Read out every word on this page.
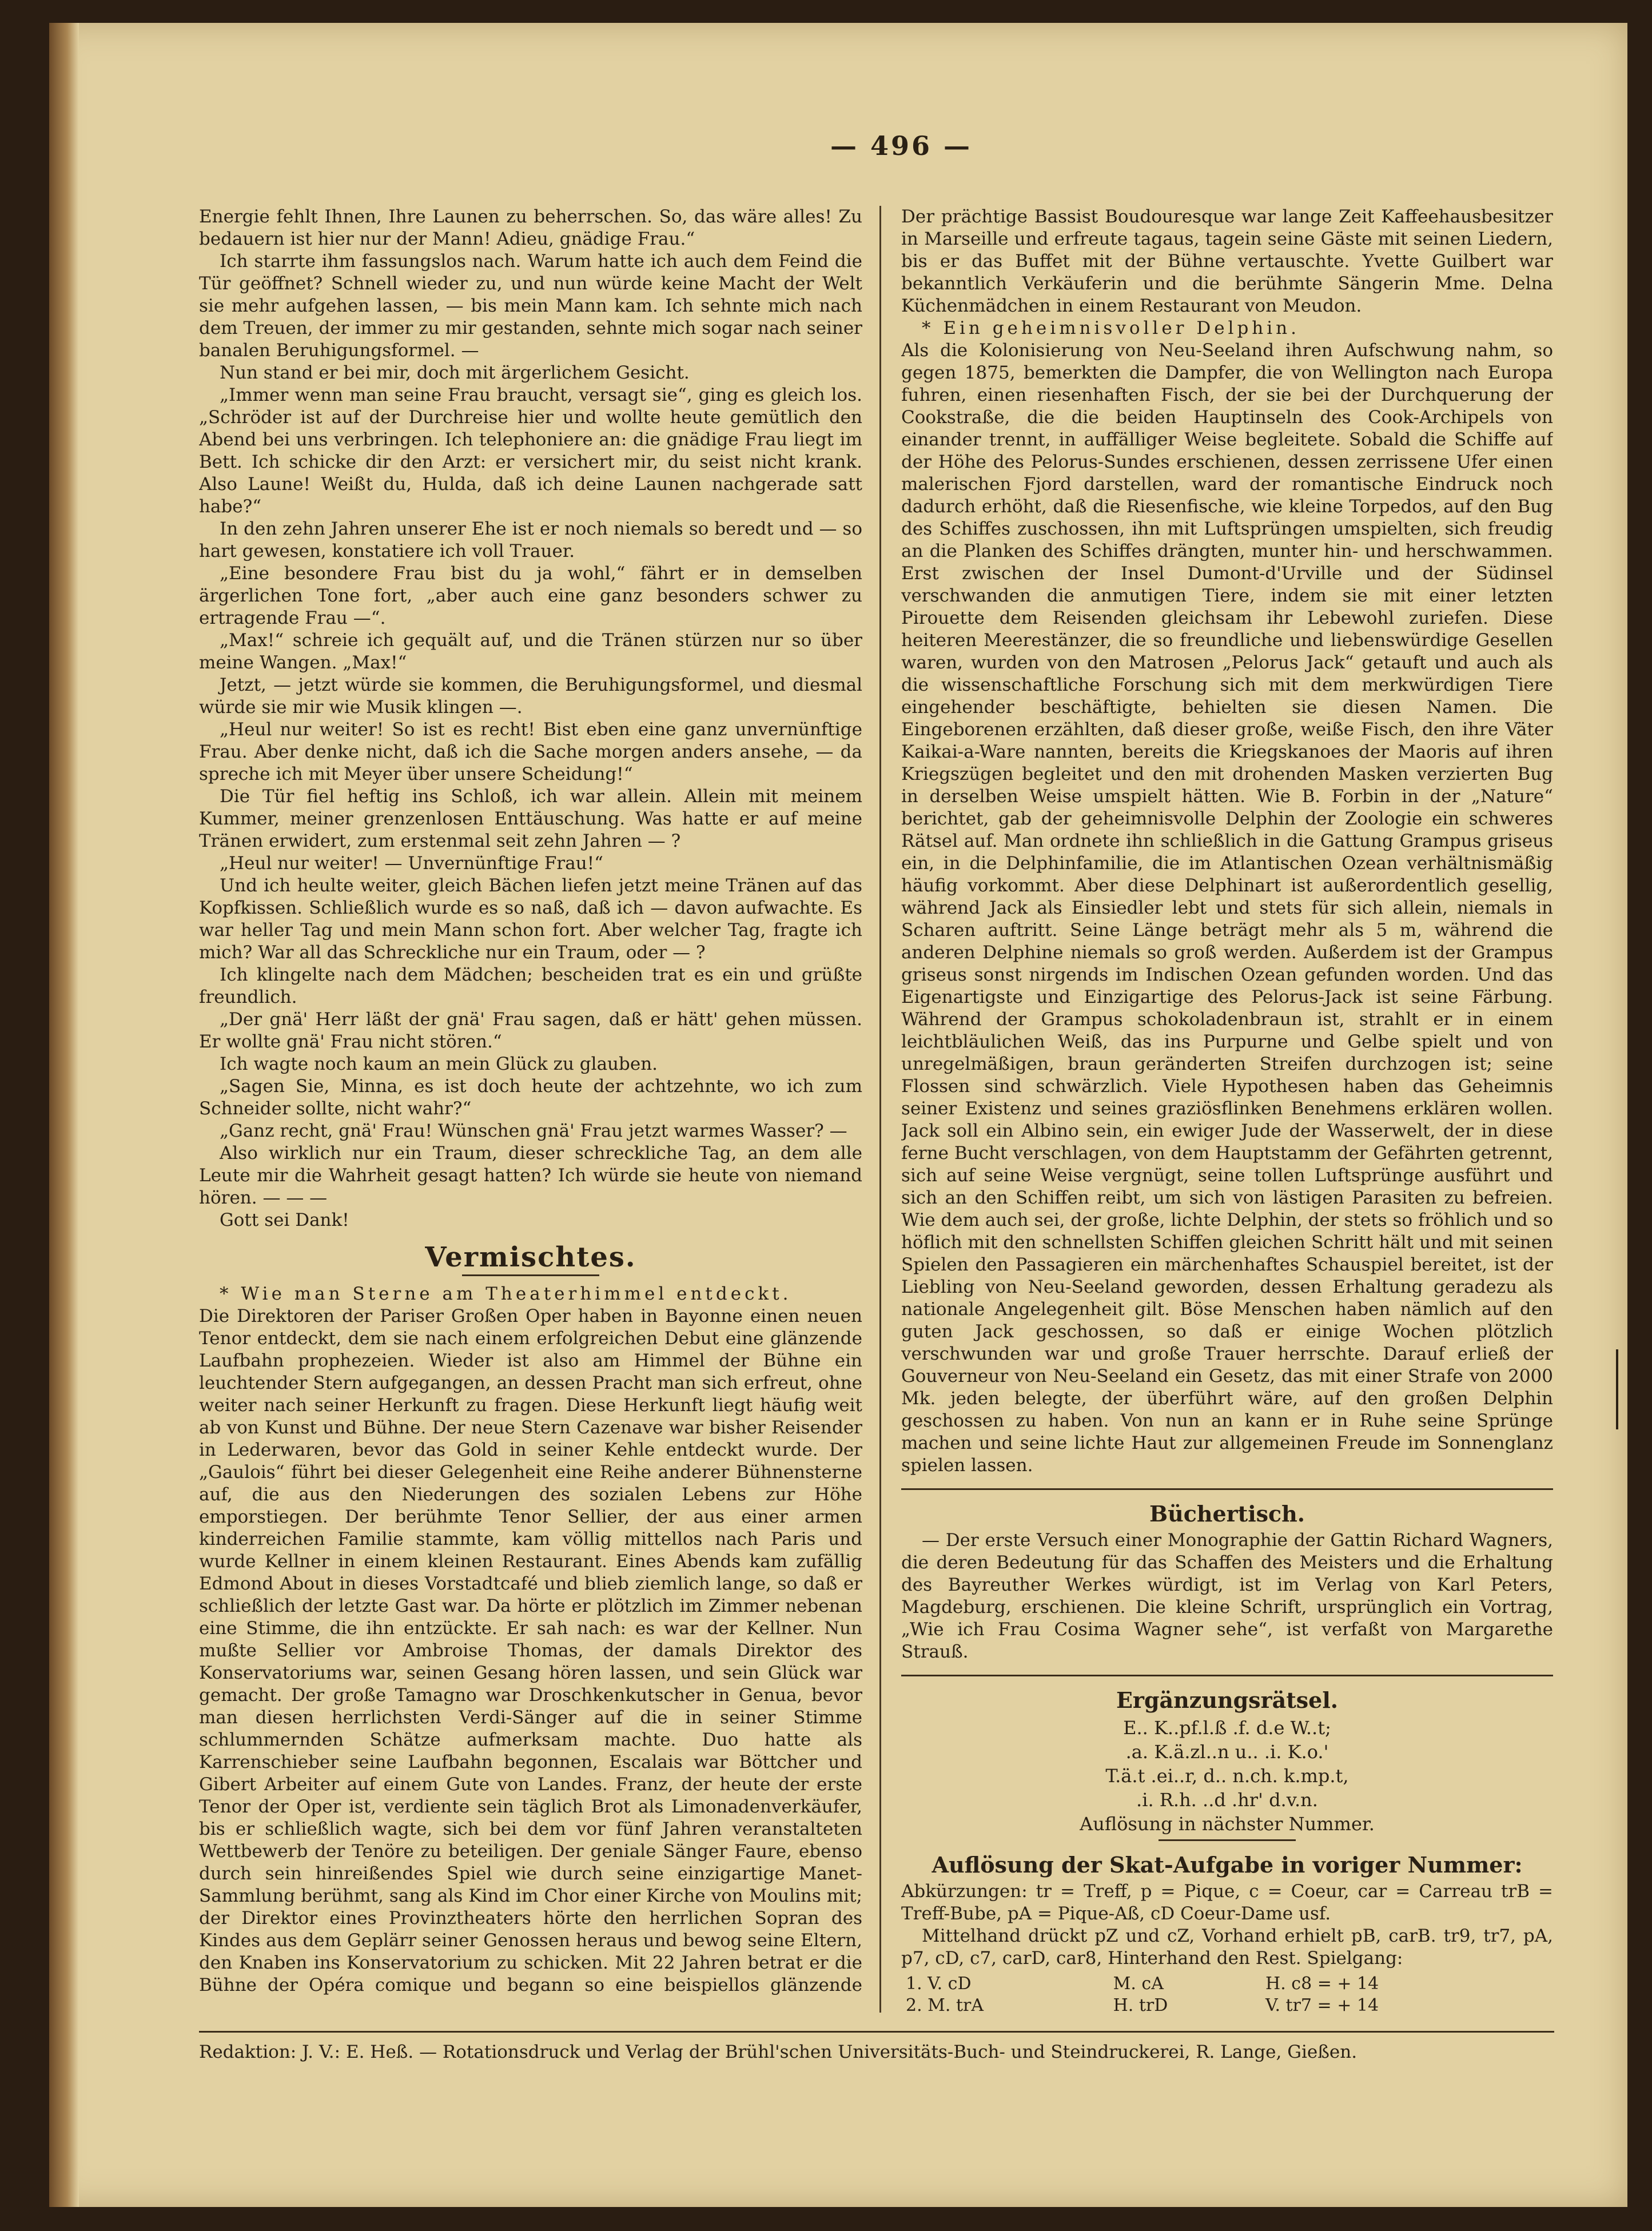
— 496 —

Energie fehlt Ihnen, Ihre Launen zu beherrschen. So, das wäre alles! Zu bedauern ist hier nur der Mann! Adieu, gnädige Frau.“

Ich starrte ihm fassungslos nach. Warum hatte ich auch dem Feind die Tür geöffnet? Schnell wieder zu, und nun würde keine Macht der Welt sie mehr aufgehen lassen, — bis mein Mann kam. Ich sehnte mich nach dem Treuen, der immer zu mir gestanden, sehnte mich sogar nach seiner banalen Beruhigungsformel. —

Nun stand er bei mir, doch mit ärgerlichem Gesicht.

„Immer wenn man seine Frau braucht, versagt sie“, ging es gleich los. „Schröder ist auf der Durchreise hier und wollte heute gemütlich den Abend bei uns verbringen. Ich telephoniere an: die gnädige Frau liegt im Bett. Ich schicke dir den Arzt: er versichert mir, du seist nicht krank. Also Laune! Weißt du, Hulda, daß ich deine Launen nachgerade satt habe?“

In den zehn Jahren unserer Ehe ist er noch niemals so beredt und — so hart gewesen, konstatiere ich voll Trauer.

„Eine besondere Frau bist du ja wohl,“ fährt er in demselben ärgerlichen Tone fort, „aber auch eine ganz besonders schwer zu ertragende Frau —“.

„Max!“ schreie ich gequält auf, und die Tränen stürzen nur so über meine Wangen. „Max!“

Jetzt, — jetzt würde sie kommen, die Beruhigungsformel, und diesmal würde sie mir wie Musik klingen —.

„Heul nur weiter! So ist es recht! Bist eben eine ganz unvernünftige Frau. Aber denke nicht, daß ich die Sache morgen anders ansehe, — da spreche ich mit Meyer über unsere Scheidung!“

Die Tür fiel heftig ins Schloß, ich war allein. Allein mit meinem Kummer, meiner grenzenlosen Enttäuschung. Was hatte er auf meine Tränen erwidert, zum erstenmal seit zehn Jahren — ?

„Heul nur weiter! — Unvernünftige Frau!“

Und ich heulte weiter, gleich Bächen liefen jetzt meine Tränen auf das Kopfkissen. Schließlich wurde es so naß, daß ich — davon aufwachte. Es war heller Tag und mein Mann schon fort. Aber welcher Tag, fragte ich mich? War all das Schreckliche nur ein Traum, oder — ?

Ich klingelte nach dem Mädchen; bescheiden trat es ein und grüßte freundlich.

„Der gnä' Herr läßt der gnä' Frau sagen, daß er hätt' gehen müssen. Er wollte gnä' Frau nicht stören.“

Ich wagte noch kaum an mein Glück zu glauben.

„Sagen Sie, Minna, es ist doch heute der achtzehnte, wo ich zum Schneider sollte, nicht wahr?“

„Ganz recht, gnä' Frau! Wünschen gnä' Frau jetzt warmes Wasser? —

Also wirklich nur ein Traum, dieser schreckliche Tag, an dem alle Leute mir die Wahrheit gesagt hatten? Ich würde sie heute von niemand hören. — — —

Gott sei Dank!

Vermischtes.

* Wie man Sterne am Theaterhimmel entdeckt.

Die Direktoren der Pariser Großen Oper haben in Bayonne einen neuen Tenor entdeckt, dem sie nach einem erfolgreichen Debut eine glänzende Laufbahn prophezeien. Wieder ist also am Himmel der Bühne ein leuchtender Stern aufgegangen, an dessen Pracht man sich erfreut, ohne weiter nach seiner Herkunft zu fragen. Diese Herkunft liegt häufig weit ab von Kunst und Bühne. Der neue Stern Cazenave war bisher Reisender in Lederwaren, bevor das Gold in seiner Kehle entdeckt wurde. Der „Gaulois“ führt bei dieser Gelegenheit eine Reihe anderer Bühnensterne auf, die aus den Niederungen des sozialen Lebens zur Höhe emporstiegen. Der berühmte Tenor Sellier, der aus einer armen kinderreichen Familie stammte, kam völlig mittellos nach Paris und wurde Kellner in einem kleinen Restaurant. Eines Abends kam zufällig Edmond About in dieses Vorstadtcafé und blieb ziemlich lange, so daß er schließlich der letzte Gast war. Da hörte er plötzlich im Zimmer nebenan eine Stimme, die ihn entzückte. Er sah nach: es war der Kellner. Nun mußte Sellier vor Ambroise Thomas, der damals Direktor des Konservatoriums war, seinen Gesang hören lassen, und sein Glück war gemacht. Der große Tamagno war Droschkenkutscher in Genua, bevor man diesen herrlichsten Verdi-Sänger auf die in seiner Stimme schlummernden Schätze aufmerksam machte. Duo hatte als Karrenschieber seine Laufbahn begonnen, Escalais war Böttcher und Gibert Arbeiter auf einem Gute von Landes. Franz, der heute der erste Tenor der Oper ist, verdiente sein täglich Brot als Limonadenverkäufer, bis er schließlich wagte, sich bei dem vor fünf Jahren veranstalteten Wettbewerb der Tenöre zu beteiligen. Der geniale Sänger Faure, ebenso durch sein hinreißendes Spiel wie durch seine einzigartige Manet-Sammlung berühmt, sang als Kind im Chor einer Kirche von Moulins mit; der Direktor eines Provinztheaters hörte den herrlichen Sopran des Kindes aus dem Geplärr seiner Genossen heraus und bewog seine Eltern, den Knaben ins Konservatorium zu schicken. Mit 22 Jahren betrat er die Bühne der Opéra comique und begann so eine beispiellos glänzende

Der prächtige Bassist Boudouresque war lange Zeit Kaffeehausbesitzer in Marseille und erfreute tagaus, tagein seine Gäste mit seinen Liedern, bis er das Buffet mit der Bühne vertauschte. Yvette Guilbert war bekanntlich Verkäuferin und die berühmte Sängerin Mme. Delna Küchenmädchen in einem Restaurant von Meudon.

* Ein geheimnisvoller Delphin.

Als die Kolonisierung von Neu-Seeland ihren Aufschwung nahm, so gegen 1875, bemerkten die Dampfer, die von Wellington nach Europa fuhren, einen riesenhaften Fisch, der sie bei der Durchquerung der Cookstraße, die die beiden Hauptinseln des Cook-Archipels von einander trennt, in auffälliger Weise begleitete. Sobald die Schiffe auf der Höhe des Pelorus-Sundes erschienen, dessen zerrissene Ufer einen malerischen Fjord darstellen, ward der romantische Eindruck noch dadurch erhöht, daß die Riesenfische, wie kleine Torpedos, auf den Bug des Schiffes zuschossen, ihn mit Luftsprüngen umspielten, sich freudig an die Planken des Schiffes drängten, munter hin- und herschwammen. Erst zwischen der Insel Dumont-d'Urville und der Südinsel verschwanden die anmutigen Tiere, indem sie mit einer letzten Pirouette dem Reisenden gleichsam ihr Lebewohl zuriefen. Diese heiteren Meerestänzer, die so freundliche und liebenswürdige Gesellen waren, wurden von den Matrosen „Pelorus Jack“ getauft und auch als die wissenschaftliche Forschung sich mit dem merkwürdigen Tiere eingehender beschäftigte, behielten sie diesen Namen. Die Eingeborenen erzählten, daß dieser große, weiße Fisch, den ihre Väter Kaikai-a-Ware nannten, bereits die Kriegskanoes der Maoris auf ihren Kriegszügen begleitet und den mit drohenden Masken verzierten Bug in derselben Weise umspielt hätten. Wie B. Forbin in der „Nature“ berichtet, gab der geheimnisvolle Delphin der Zoologie ein schweres Rätsel auf. Man ordnete ihn schließlich in die Gattung Grampus griseus ein, in die Delphinfamilie, die im Atlantischen Ozean verhältnismäßig häufig vorkommt. Aber diese Delphinart ist außerordentlich gesellig, während Jack als Einsiedler lebt und stets für sich allein, niemals in Scharen auftritt. Seine Länge beträgt mehr als 5 m, während die anderen Delphine niemals so groß werden. Außerdem ist der Grampus griseus sonst nirgends im Indischen Ozean gefunden worden. Und das Eigenartigste und Einzigartige des Pelorus-Jack ist seine Färbung. Während der Grampus schokoladenbraun ist, strahlt er in einem leichtbläulichen Weiß, das ins Purpurne und Gelbe spielt und von unregelmäßigen, braun geränderten Streifen durchzogen ist; seine Flossen sind schwärzlich. Viele Hypothesen haben das Geheimnis seiner Existenz und seines graziösflinken Benehmens erklären wollen. Jack soll ein Albino sein, ein ewiger Jude der Wasserwelt, der in diese ferne Bucht verschlagen, von dem Hauptstamm der Gefährten getrennt, sich auf seine Weise vergnügt, seine tollen Luftsprünge ausführt und sich an den Schiffen reibt, um sich von lästigen Parasiten zu befreien. Wie dem auch sei, der große, lichte Delphin, der stets so fröhlich und so höflich mit den schnellsten Schiffen gleichen Schritt hält und mit seinen Spielen den Passagieren ein märchenhaftes Schauspiel bereitet, ist der Liebling von Neu-Seeland geworden, dessen Erhaltung geradezu als nationale Angelegenheit gilt. Böse Menschen haben nämlich auf den guten Jack geschossen, so daß er einige Wochen plötzlich verschwunden war und große Trauer herrschte. Darauf erließ der Gouverneur von Neu-Seeland ein Gesetz, das mit einer Strafe von 2000 Mk. jeden belegte, der überführt wäre, auf den großen Delphin geschossen zu haben. Von nun an kann er in Ruhe seine Sprünge machen und seine lichte Haut zur allgemeinen Freude im Sonnenglanz spielen lassen.

Büchertisch.

— Der erste Versuch einer Monographie der Gattin Richard Wagners, die deren Bedeutung für das Schaffen des Meisters und die Erhaltung des Bayreuther Werkes würdigt, ist im Verlag von Karl Peters, Magdeburg, erschienen. Die kleine Schrift, ursprünglich ein Vortrag, „Wie ich Frau Cosima Wagner sehe“, ist verfaßt von Margarethe Strauß.

Ergänzungsrätsel.
E.. K..pf.l.ß .f. d.e W..t;
.a. K.ä.zl..n u.. .i. K.o.'
T.ä.t .ei..r, d.. n.ch. k.mp.t,
.i. R.h. ..d .hr' d.v.n.
Auflösung in nächster Nummer.
Auflösung der Skat-Aufgabe in voriger Nummer:

Abkürzungen: tr = Treff, p = Pique, c = Coeur, car = Carreau trB = Treff-Bube, pA = Pique-Aß, cD Coeur-Dame usf.

Mittelhand drückt pZ und cZ, Vorhand erhielt pB, carB. tr9, tr7, pA, p7, cD, c7, carD, car8, Hinterhand den Rest. Spielgang:

1. V. cD	M. cA	H. c8 = + 14
2. M. trA	H. trD	V. tr7 = + 14

Redaktion: J. V.: E. Heß. — Rotationsdruck und Verlag der Brühl'schen Universitäts-Buch- und Steindruckerei, R. Lange, Gießen.
